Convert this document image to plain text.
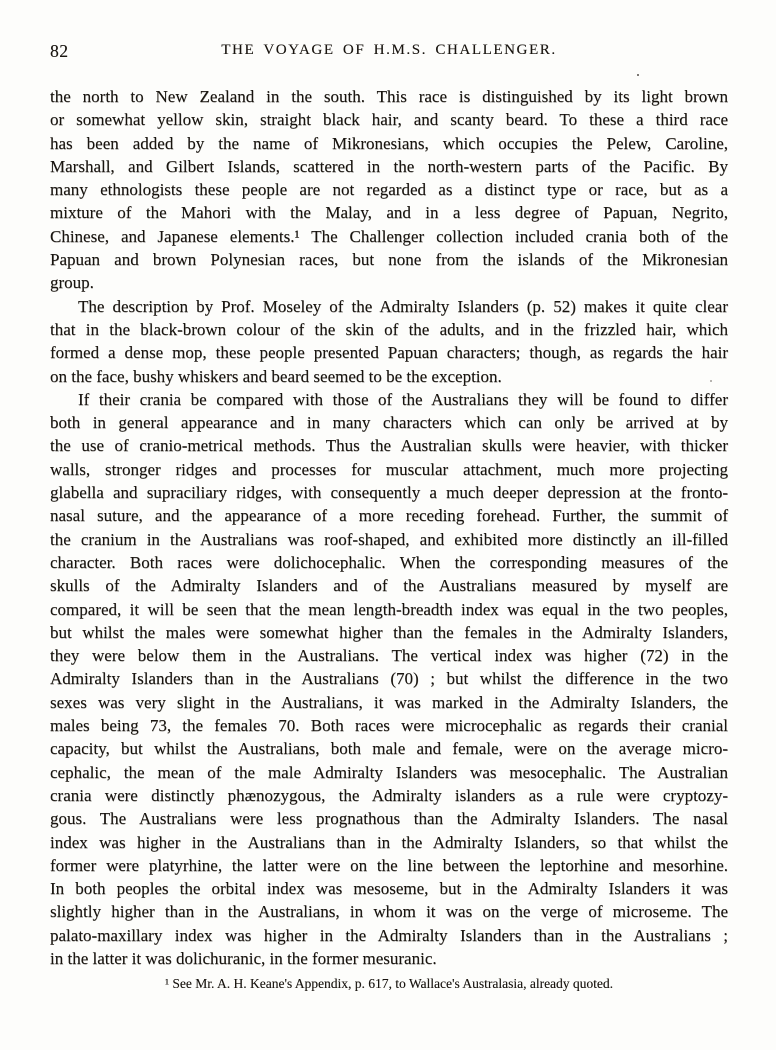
82	THE VOYAGE OF H.M.S. CHALLENGER.
the north to New Zealand in the south. This race is distinguished by its light brown
or somewhat yellow skin, straight black hair, and scanty beard. To these a third race
has been added by the name of Mikronesians, which occupies the Pelew, Caroline,
Marshall, and Gilbert Islands, scattered in the north-western parts of the Pacific. By
many ethnologists these people are not regarded as a distinct type or race, but as a
mixture of the Mahori with the Malay, and in a less degree of Papuan, Negrito,
Chinese, and Japanese elements.¹ The Challenger collection included crania both of the
Papuan and brown Polynesian races, but none from the islands of the Mikronesian
group.
The description by Prof. Moseley of the Admiralty Islanders (p. 52) makes it quite clear
that in the black-brown colour of the skin of the adults, and in the frizzled hair, which
formed a dense mop, these people presented Papuan characters; though, as regards the hair
on the face, bushy whiskers and beard seemed to be the exception.
If their crania be compared with those of the Australians they will be found to differ
both in general appearance and in many characters which can only be arrived at by
the use of cranio-metrical methods. Thus the Australian skulls were heavier, with thicker
walls, stronger ridges and processes for muscular attachment, much more projecting
glabella and supraciliary ridges, with consequently a much deeper depression at the fronto-
nasal suture, and the appearance of a more receding forehead. Further, the summit of
the cranium in the Australians was roof-shaped, and exhibited more distinctly an ill-filled
character. Both races were dolichocephalic. When the corresponding measures of the
skulls of the Admiralty Islanders and of the Australians measured by myself are
compared, it will be seen that the mean length-breadth index was equal in the two peoples,
but whilst the males were somewhat higher than the females in the Admiralty Islanders,
they were below them in the Australians. The vertical index was higher (72) in the
Admiralty Islanders than in the Australians (70) ; but whilst the difference in the two
sexes was very slight in the Australians, it was marked in the Admiralty Islanders, the
males being 73, the females 70. Both races were microcephalic as regards their cranial
capacity, but whilst the Australians, both male and female, were on the average micro-
cephalic, the mean of the male Admiralty Islanders was mesocephalic. The Australian
crania were distinctly phænozygous, the Admiralty islanders as a rule were cryptozy-
gous. The Australians were less prognathous than the Admiralty Islanders. The nasal
index was higher in the Australians than in the Admiralty Islanders, so that whilst the
former were platyrhine, the latter were on the line between the leptorhine and mesorhine.
In both peoples the orbital index was mesoseme, but in the Admiralty Islanders it was
slightly higher than in the Australians, in whom it was on the verge of microseme. The
palato-maxillary index was higher in the Admiralty Islanders than in the Australians ;
in the latter it was dolichuranic, in the former mesuranic.
¹ See Mr. A. H. Keane's Appendix, p. 617, to Wallace's Australasia, already quoted.
